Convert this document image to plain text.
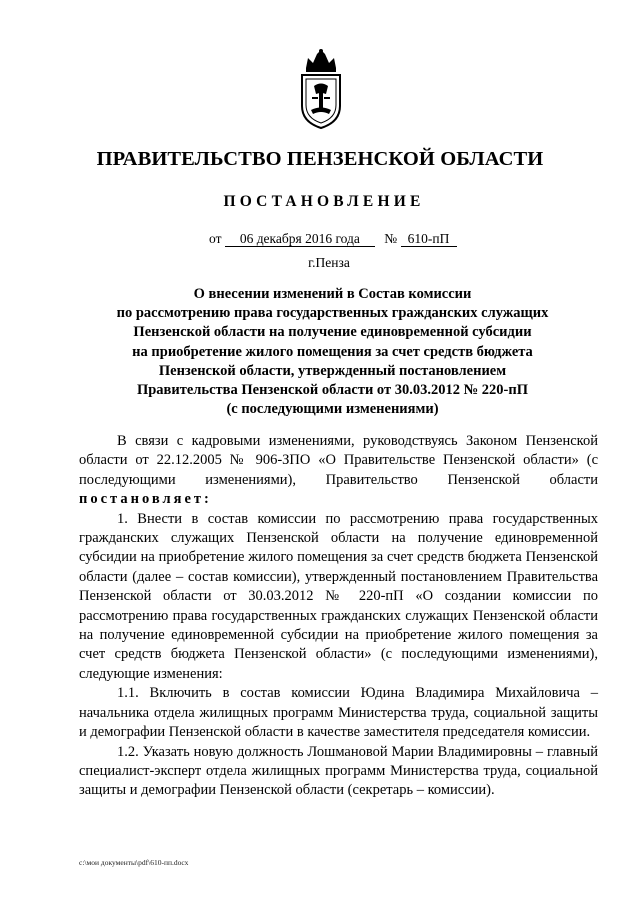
ПРАВИТЕЛЬСТВО ПЕНЗЕНСКОЙ ОБЛАСТИ
ПОСТАНОВЛЕНИЕ
от 06 декабря 2016 года № 610-пП
г.Пенза
О внесении изменений в Состав комиссии
по рассмотрению права государственных гражданских служащих
Пензенской области на получение единовременной субсидии
на приобретение жилого помещения за счет средств бюджета
Пензенской области, утвержденный постановлением
Правительства Пензенской области от 30.03.2012 № 220-пП
(с последующими изменениями)

В связи с кадровыми изменениями, руководствуясь Законом Пензенской области от 22.12.2005 № 906-ЗПО «О Правительстве Пензенской области» (с последующими изменениями), Правительство Пензенской области

постановляет:

1. Внести в состав комиссии по рассмотрению права государственных гражданских служащих Пензенской области на получение единовременной субсидии на приобретение жилого помещения за счет средств бюджета Пензенской области (далее – состав комиссии), утвержденный постановлением Правительства Пензенской области от 30.03.2012 № 220-пП «О создании комиссии по рассмотрению права государственных гражданских служащих Пензенской области на получение единовременной субсидии на приобретение жилого помещения за счет средств бюджета Пензенской области» (с последующими изменениями), следующие изменения:

1.1. Включить в состав комиссии Юдина Владимира Михайловича – начальника отдела жилищных программ Министерства труда, социальной защиты и демографии Пензенской области в качестве заместителя председателя комиссии.

1.2. Указать новую должность Лошмановой Марии Владимировны – главный специалист-эксперт отдела жилищных программ Министерства труда, социальной защиты и демографии Пензенской области (секретарь – комиссии).

c:\мои документы\pdf\610-пп.docx
